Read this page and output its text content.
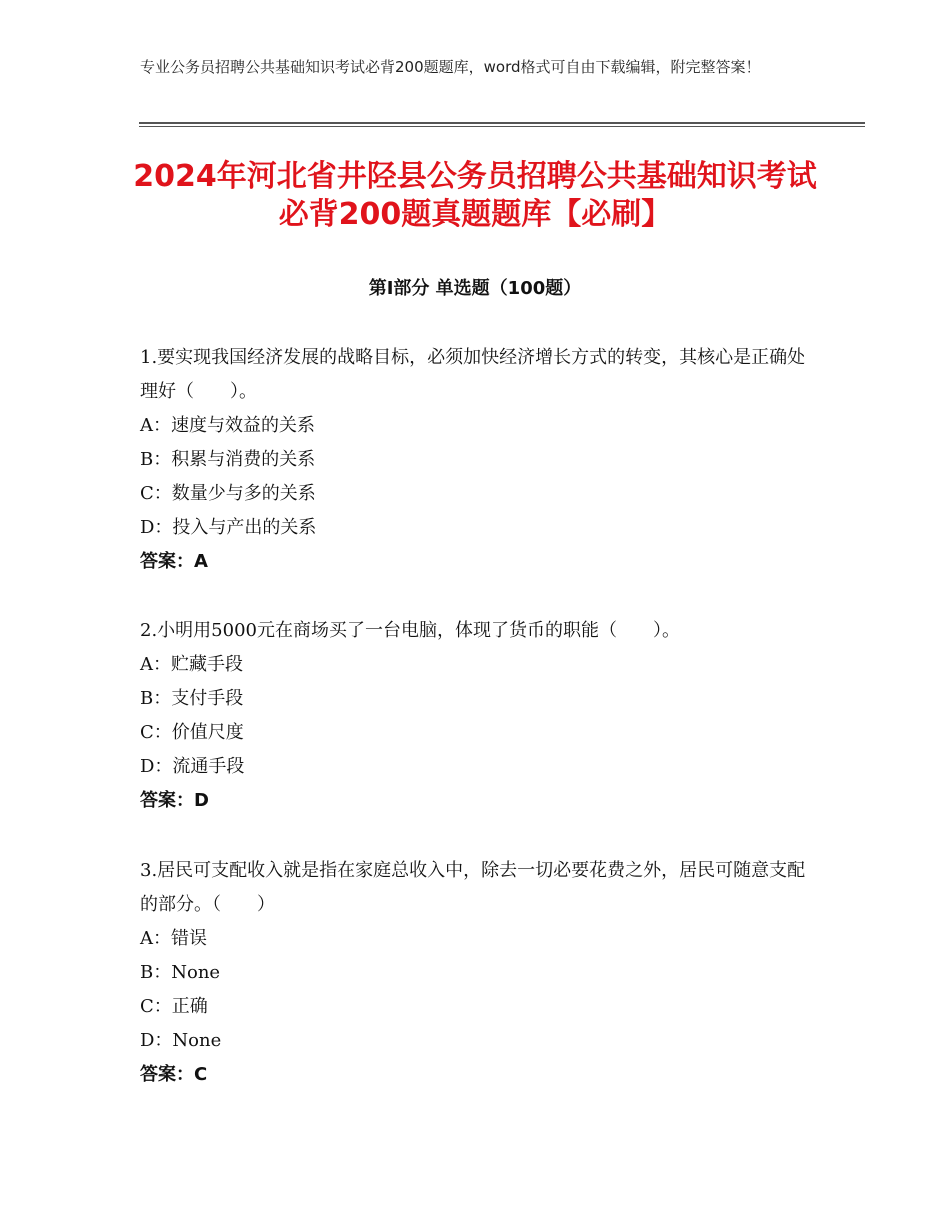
专业公务员招聘公共基础知识考试必背200题题库，word格式可自由下载编辑，附完整答案！
2024年河北省井陉县公务员招聘公共基础知识考试必背200题真题题库【必刷】
第Ⅰ部分 单选题（100题）

1.要实现我国经济发展的战略目标，必须加快经济增长方式的转变，其核心是正确处理好（　　）。

A：速度与效益的关系

B：积累与消费的关系

C：数量少与多的关系

D：投入与产出的关系

答案：A

2.小明用5000元在商场买了一台电脑，体现了货币的职能（　　）。

A：贮藏手段

B：支付手段

C：价值尺度

D：流通手段

答案：D

3.居民可支配收入就是指在家庭总收入中，除去一切必要花费之外，居民可随意支配的部分。（　　）

A：错误

B：None

C：正确

D：None

答案：C
